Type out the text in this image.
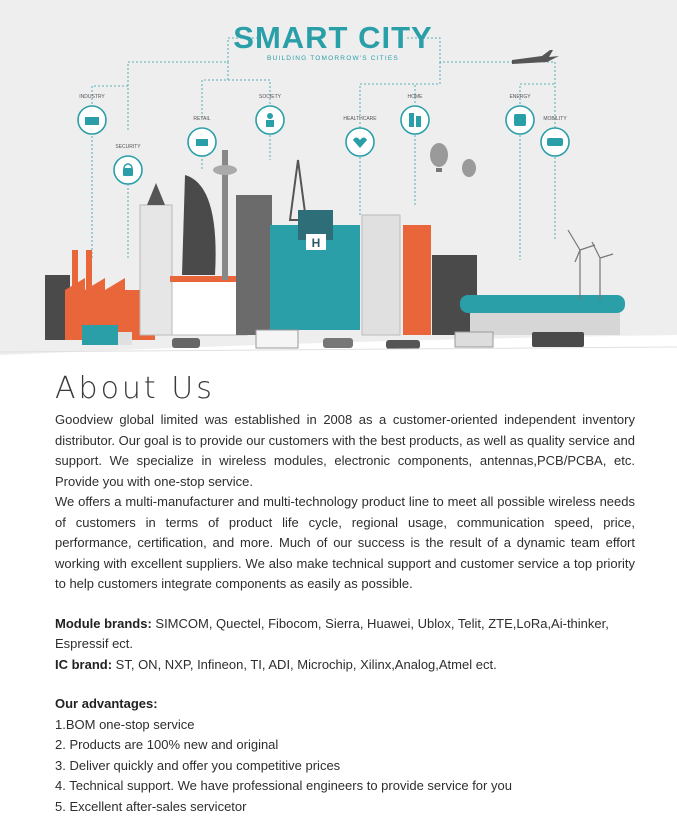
INDUSTRY
SECURITY
RETAIL
SOCIETY
HEALTHCARE
HOME	ENERGY
MOBILITY
SMART CITY
BUILDING TOMORROW'S CITIES
H
About Us

Goodview global limited was established in 2008 as a customer-oriented independent inventory distributor. Our goal is to provide our customers with the best products, as well as quality service and support. We specialize in wireless modules, electronic components, antennas,PCB/PCBA, etc. Provide you with one-stop service.

We offers a multi-manufacturer and multi-technology product line to meet all possible wireless needs of customers in terms of product life cycle, regional usage, communication speed, price, performance, certification, and more. Much of our success is the result of a dynamic team effort working with excellent suppliers. We also make technical support and customer service a top priority to help customers integrate components as easily as possible.

Module brands: SIMCOM, Quectel, Fibocom, Sierra, Huawei, Ublox, Telit, ZTE,LoRa,Ai-thinker, Espressif ect.
IC brand: ST, ON, NXP, Infineon, TI, ADI, Microchip, Xilinx,Analog,Atmel ect.
Our advantages:
1.BOM one-stop service
2. Products are 100% new and original
3. Deliver quickly and offer you competitive prices
4. Technical support. We have professional engineers to provide service for you
5. Excellent after-sales servicetor
